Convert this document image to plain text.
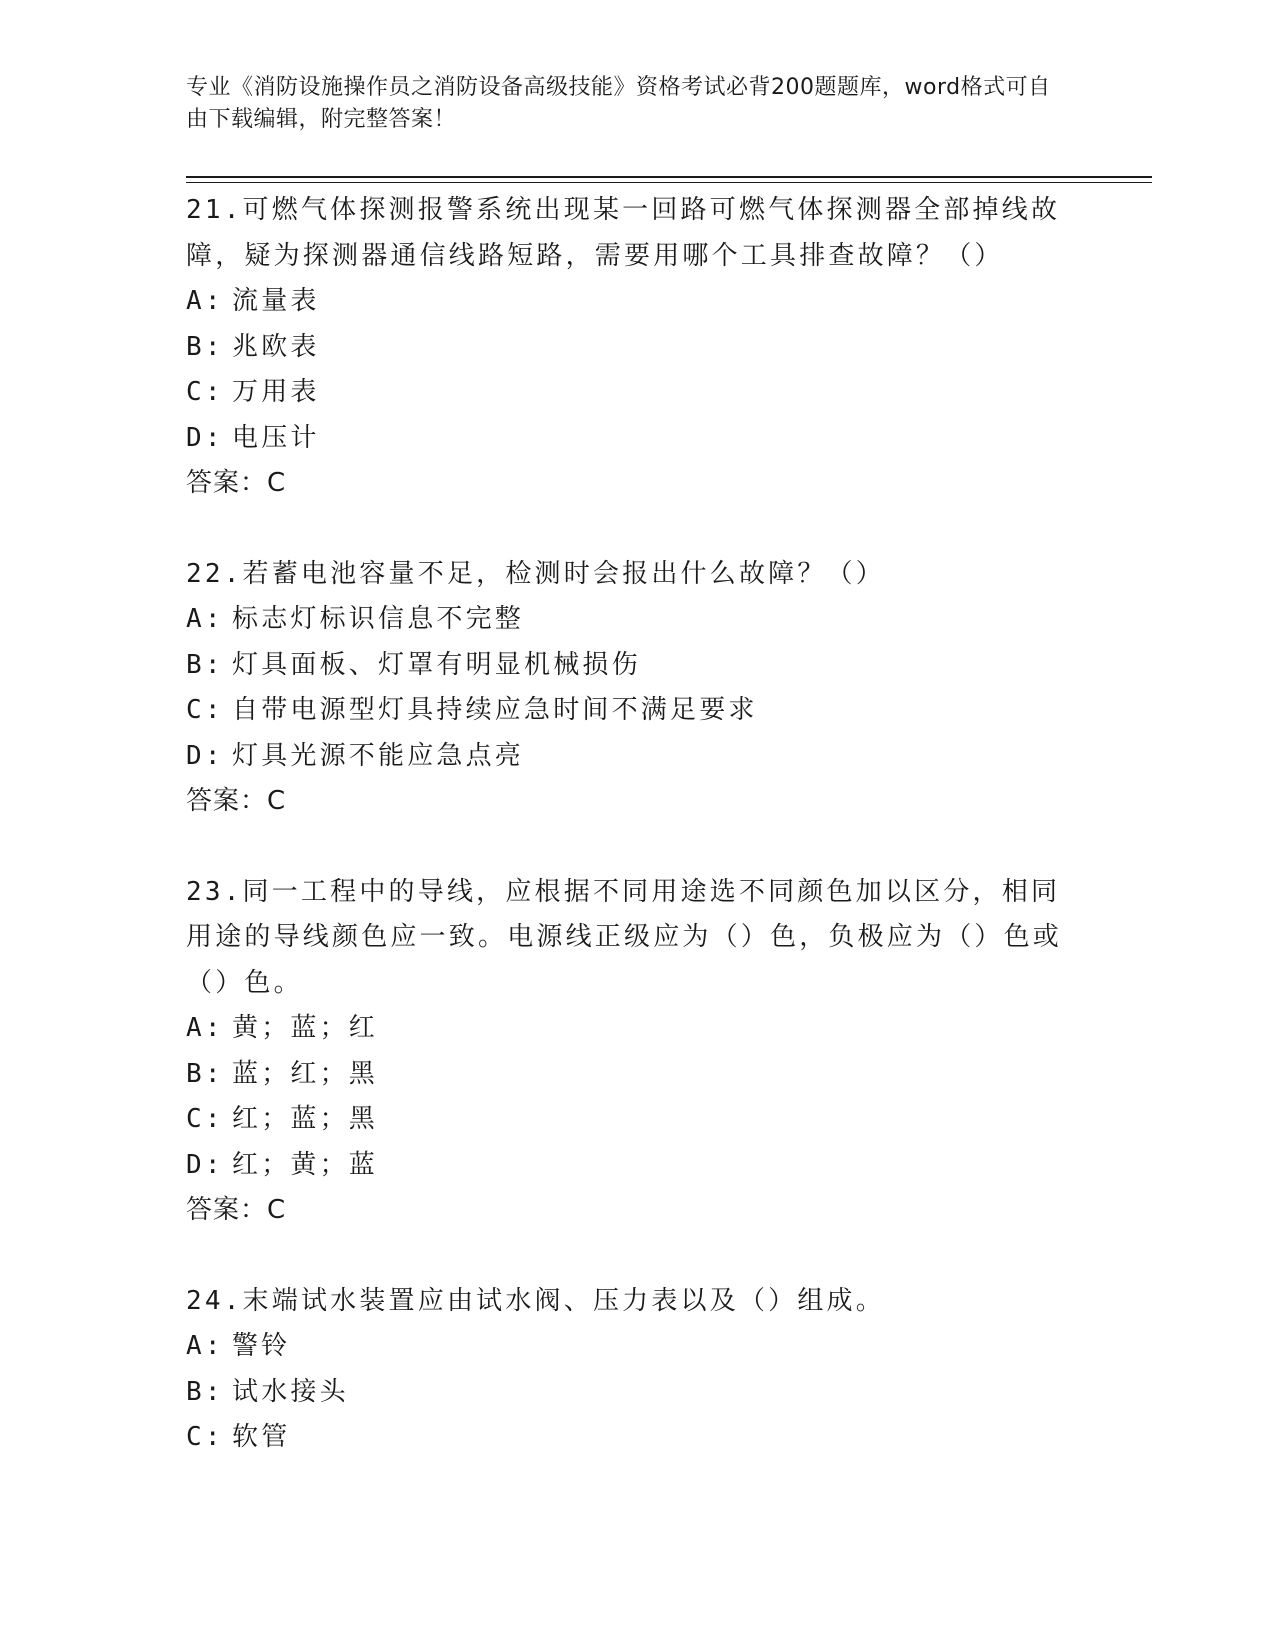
专业《消防设施操作员之消防设备高级技能》资格考试必背200题题库，word格式可自由下载编辑，附完整答案！
21.可燃气体探测报警系统出现某一回路可燃气体探测器全部掉线故障，疑为探测器通信线路短路，需要用哪个工具排查故障？（）
A: 流量表
B: 兆欧表
C: 万用表
D: 电压计
答案：C
22.若蓄电池容量不足，检测时会报出什么故障？（）
A: 标志灯标识信息不完整
B: 灯具面板、灯罩有明显机械损伤
C: 自带电源型灯具持续应急时间不满足要求
D: 灯具光源不能应急点亮
答案：C
23.同一工程中的导线，应根据不同用途选不同颜色加以区分，相同用途的导线颜色应一致。电源线正级应为（）色，负极应为（）色或（）色。
A: 黄；蓝；红
B: 蓝；红；黑
C: 红；蓝；黑
D: 红；黄；蓝
答案：C
24.末端试水装置应由试水阀、压力表以及（）组成。
A: 警铃
B: 试水接头
C: 软管
